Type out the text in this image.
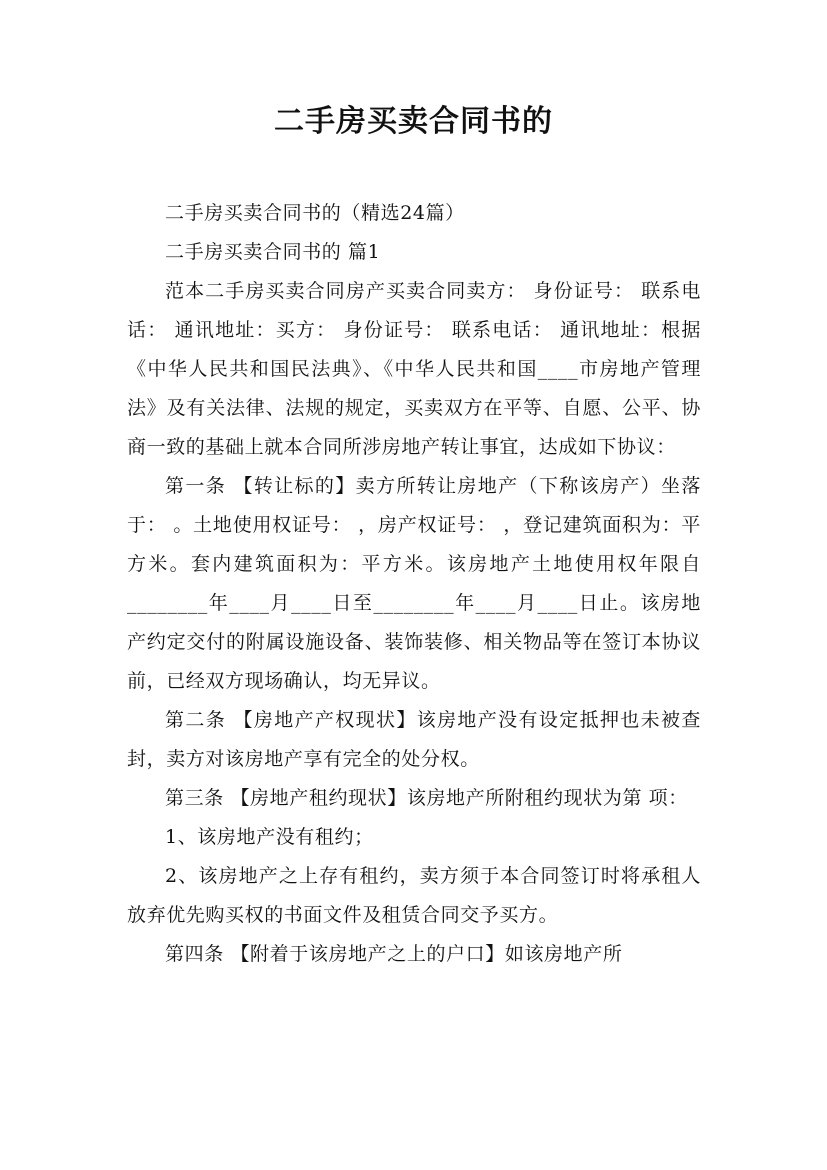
二手房买卖合同书的

二手房买卖合同书的（精选24篇）

二手房买卖合同书的 篇1

范本二手房买卖合同房产买卖合同卖方： 身份证号： 联系电话： 通讯地址：买方： 身份证号： 联系电话： 通讯地址：根据《中华人民共和国民法典》、《中华人民共和国____市房地产管理法》及有关法律、法规的规定，买卖双方在平等、自愿、公平、协商一致的基础上就本合同所涉房地产转让事宜，达成如下协议：

第一条 【转让标的】卖方所转让房地产（下称该房产）坐落于： 。土地使用权证号： ，房产权证号： ，登记建筑面积为：平方米。套内建筑面积为：平方米。该房地产土地使用权年限自________年____月____日至________年____月____日止。该房地产约定交付的附属设施设备、装饰装修、相关物品等在签订本协议前，已经双方现场确认，均无异议。

第二条 【房地产产权现状】该房地产没有设定抵押也未被查封，卖方对该房地产享有完全的处分权。

第三条 【房地产租约现状】该房地产所附租约现状为第 项：

1、该房地产没有租约；

2、该房地产之上存有租约，卖方须于本合同签订时将承租人放弃优先购买权的书面文件及租赁合同交予买方。

第四条 【附着于该房地产之上的户口】如该房地产所
